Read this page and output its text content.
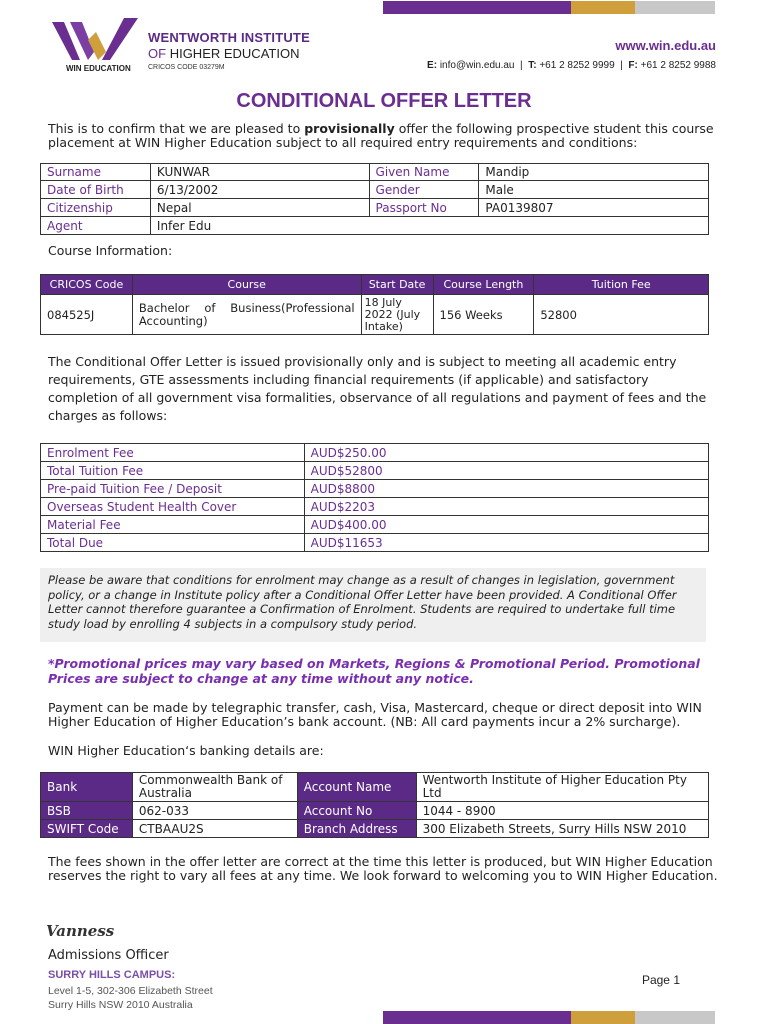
WIN EDUCATION
WENTWORTH INSTITUTE
OF HIGHER EDUCATION
CRICOS CODE 03279M
www.win.edu.au
E: info@win.edu.au  |  T: +61 2 8252 9999  |  F: +61 2 8252 9988
CONDITIONAL OFFER LETTER
This is to confirm that we are pleased to provisionally offer the following prospective student this course placement at WIN Higher Education subject to all required entry requirements and conditions:
Surname	KUNWAR	Given Name	Mandip
Date of Birth	6/13/2002	Gender	Male
Citizenship	Nepal	Passport No	PA0139807
Agent	Infer Edu		
Course Information:
CRICOS Code	Course	Start Date	Course Length	Tuition Fee
084525J	Bachelor of Business(Professional Accounting)	18 July 2022 (July Intake)	156 Weeks	52800
The Conditional Offer Letter is issued provisionally only and is subject to meeting all academic entry requirements, GTE assessments including financial requirements (if applicable) and satisfactory completion of all government visa formalities, observance of all regulations and payment of fees and the charges as follows:
Enrolment Fee	AUD$250.00
Total Tuition Fee	AUD$52800
Pre-paid Tuition Fee / Deposit	AUD$8800
Overseas Student Health Cover	AUD$2203
Material Fee	AUD$400.00
Total Due	AUD$11653
Please be aware that conditions for enrolment may change as a result of changes in legislation, government policy, or a change in Institute policy after a Conditional Offer Letter have been provided. A Conditional Offer Letter cannot therefore guarantee a Confirmation of Enrolment. Students are required to undertake full time study load by enrolling 4 subjects in a compulsory study period.
*Promotional prices may vary based on Markets, Regions & Promotional Period. Promotional Prices are subject to change at any time without any notice.
Payment can be made by telegraphic transfer, cash, Visa, Mastercard, cheque or direct deposit into WIN Higher Education of Higher Education’s bank account. (NB: All card payments incur a 2% surcharge).
WIN Higher Education‘s banking details are:
Bank	Commonwealth Bank of Australia	Account Name	Wentworth Institute of Higher Education Pty Ltd
BSB	062-033	Account No	1044 - 8900
SWIFT Code	CTBAAU2S	Branch Address	300 Elizabeth Streets, Surry Hills NSW 2010
The fees shown in the offer letter are correct at the time this letter is produced, but WIN Higher Education reserves the right to vary all fees at any time. We look forward to welcoming you to WIN Higher Education.
Vanness
Admissions Officer
SURRY HILLS CAMPUS:
Level 1-5, 302-306 Elizabeth Street
Surry Hills NSW 2010 Australia
Page 1
